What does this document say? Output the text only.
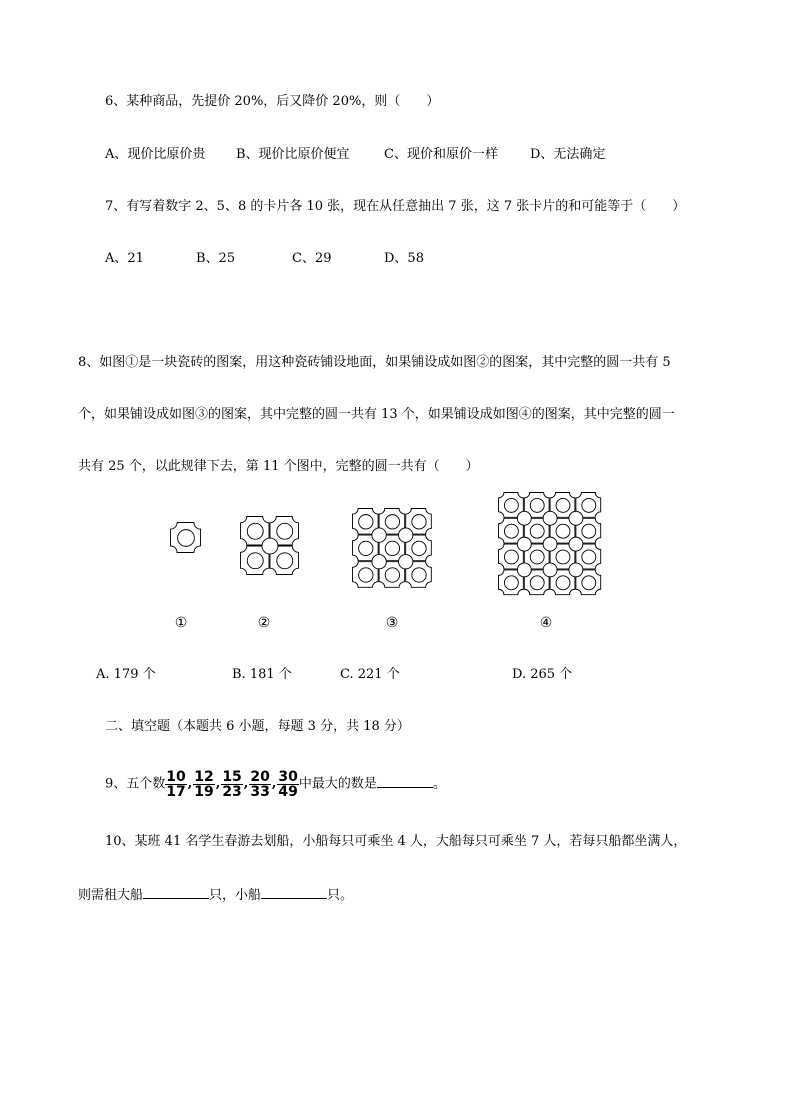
6、某种商品，先提价 20%，后又降价 20%，则（　　）
A、现价比原价贵 B、现价比原价便宜	C、现价和原价一样 D、无法确定
7、有写着数字 2、5、8 的卡片各 10 张，现在从任意抽出 7 张，这 7 张卡片的和可能等于（　　）
A、21	B、25	C、29	D、58
8、如图①是一块瓷砖的图案，用这种瓷砖铺设地面，如果铺设成如图②的图案，其中完整的圆一共有 5
个，如果铺设成如图③的图案，其中完整的圆一共有 13 个，如果铺设成如图④的图案，其中完整的圆一
共有 25 个，以此规律下去，第 11 个图中，完整的圆一共有（　　）
①	②	③	④
A. 179 个	B. 181 个	C. 221 个	D. 265 个
二、填空题（本题共 6 小题，每题 3 分，共 18 分）
9、五个数 $\frac{10}{17}$ , $\frac{12}{19}$ , $\frac{15}{23}$ , $\frac{20}{33}$ , $\frac{30}{49}$ 中最大的数是	。
10、某班 41 名学生春游去划船，小船每只可乘坐 4 人，大船每只可乘坐 7 人，若每只船都坐满人，
则需租大船	只，小船	只。
